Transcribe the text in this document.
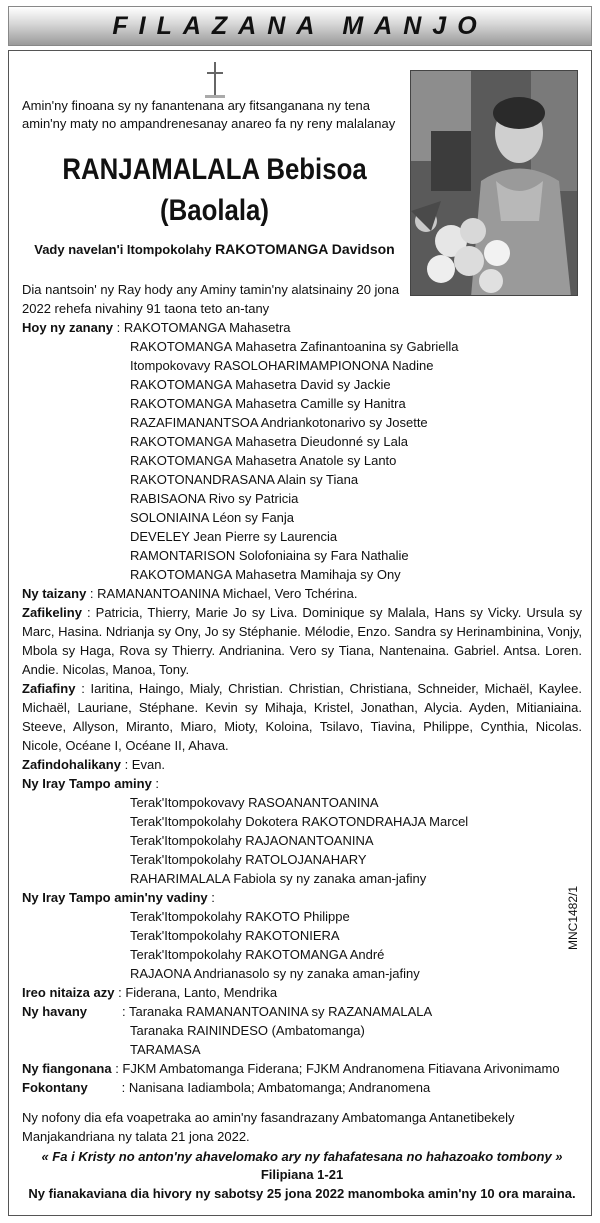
FILAZANA MANJO
Amin'ny finoana sy ny fanantenana ary fitsanganana ny tena amin'ny maty no ampandrenesanay anareo fa ny reny malalanay
RANJAMALALA Bebisoa
(Baolala)
Vady navelan'i Itompokolahy RAKOTOMANGA Davidson
Dia nantsoin' ny Ray hody any Aminy tamin'ny alatsinainy 20 jona 2022 rehefa nivahiny 91 taona teto an-tany
Hoy ny zanany : RAKOTOMANGA Mahasetra
RAKOTOMANGA Mahasetra Zafinantoanina sy Gabriella
Itompokovavy RASOLOHARIMAMPIONONA Nadine
RAKOTOMANGA Mahasetra David sy Jackie
RAKOTOMANGA Mahasetra Camille sy Hanitra
RAZAFIMANANTSOA Andriankotonarivo sy Josette
RAKOTOMANGA Mahasetra Dieudonné sy Lala
RAKOTOMANGA Mahasetra Anatole sy Lanto
RAKOTONANDRASANA Alain sy Tiana
RABISAONA Rivo sy Patricia
SOLONIAINA Léon sy Fanja
DEVELEY Jean Pierre sy Laurencia
RAMONTARISON Solofoniaina sy Fara Nathalie
RAKOTOMANGA Mahasetra Mamihaja sy Ony
Ny taizany : RAMANANTOANINA Michael, Vero Tchérina.
Zafikeliny : Patricia, Thierry, Marie Jo sy Liva. Dominique sy Malala, Hans sy Vicky. Ursula sy Marc, Hasina. Ndrianja sy Ony, Jo sy Stéphanie. Mélodie, Enzo. Sandra sy Herinambinina, Vonjy, Mbola sy Haga, Rova sy Thierry. Andrianina. Vero sy Tiana, Nantenaina. Gabriel. Antsa. Loren. Andie. Nicolas, Manoa, Tony.
Zafiafiny : Iaritina, Haingo, Mialy, Christian. Christian, Christiana, Schneider, Michaël, Kaylee. Michaël, Lauriane, Stéphane. Kevin sy Mihaja, Kristel, Jonathan, Alycia. Ayden, Mitianiaina. Steeve, Allyson, Miranto, Miaro, Mioty, Koloina, Tsilavo, Tiavina, Philippe, Cynthia, Nicolas. Nicole, Océane I, Océane II, Ahava.
Zafindohalikany : Evan.
Ny Iray Tampo aminy :
Terak'Itompokovavy RASOANANTOANINA
Terak'Itompokolahy Dokotera RAKOTONDRAHAJA Marcel
Terak'Itompokolahy RAJAONANTOANINA
Terak'Itompokolahy RATOLOJANAHARY
RAHARIMALALA Fabiola sy ny zanaka aman-jafiny
Ny Iray Tampo amin'ny vadiny :
Terak'Itompokolahy RAKOTO Philippe
Terak'Itompokolahy RAKOTONIERA
Terak'Itompokolahy RAKOTOMANGA André
RAJAONA Andrianasolo sy ny zanaka aman-jafiny
Ireo nitaiza azy : Fiderana, Lanto, Mendrika
Ny havany	: Taranaka RAMANANTOANINA sy RAZANAMALALA
Taranaka RAININDESO (Ambatomanga)
TARAMASA
Ny fiangonana : FJKM Ambatomanga Fiderana; FJKM Andranomena Fitiavana Arivonimamo
Fokontany : Nanisana Iadiambola; Ambatomanga; Andranomena
Ny nofony dia efa voapetraka ao amin'ny fasandrazany Ambatomanga Antanetibekely Manjakandriana ny talata 21 jona 2022.
« Fa i Kristy no anton'ny ahavelomako ary ny fahafatesana no hahazoako tombony »
Filipiana 1-21
Ny fianakaviana dia hivory ny sabotsy 25 jona 2022 manomboka amin'ny 10 ora maraina.
MNC1482/1
